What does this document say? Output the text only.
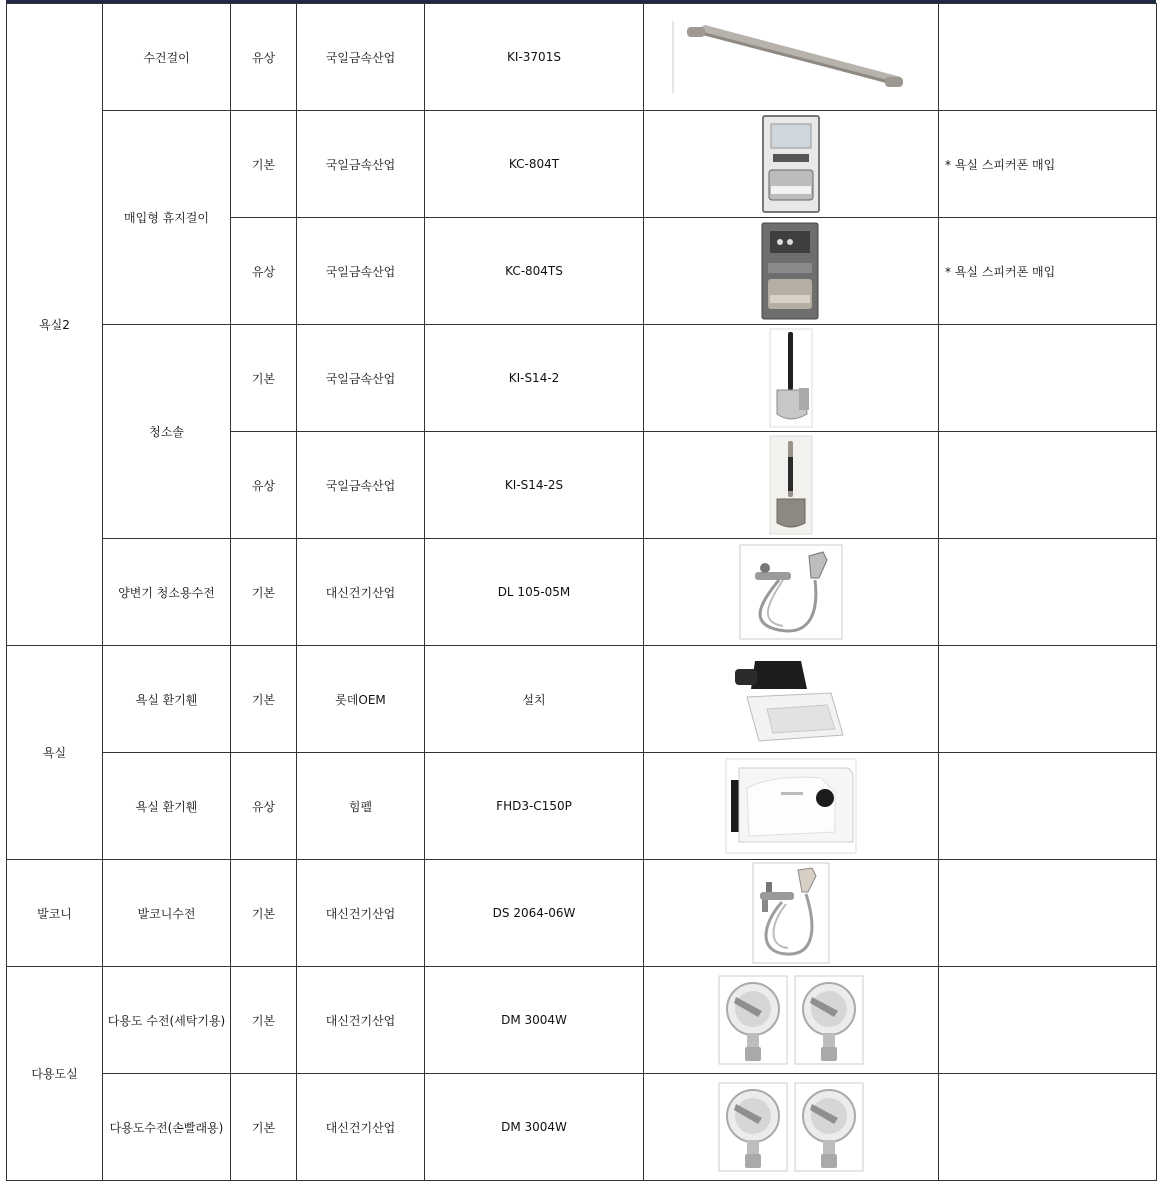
욕실2	수건걸이	유상	국일금속산업	KI-3701S	

	매입형 휴지걸이	기본	국일금속산업	KC-804T		* 욕실 스피커폰 매입
		유상	국일금속산업	KC-804TS		* 욕실 스피커폰 매입
	청소솔	기본	국일금속산업	KI-S14-2	

		유상	국일금속산업	KI-S14-2S	

	양변기 청소용수전	기본	대신건기산업	DL 105-05M	

욕실	욕실 환기휀	기본	롯데OEM	설치	

	욕실 환기휀	유상	힘펠	FHD3-C150P	

발코니	발코니수전	기본	대신건기산업	DS 2064-06W	

다용도실	다용도 수전(세탁기용)	기본	대신건기산업	DM 3004W	

	다용도수전(손빨래용)	기본	대신건기산업	DM 3004W	
